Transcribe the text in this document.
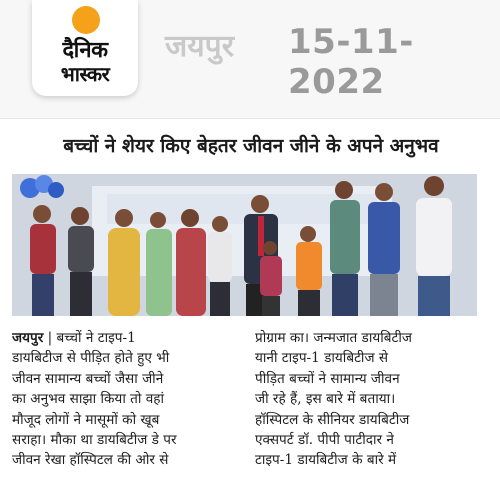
दैनिक
भास्कर
जयपुर 15-11-2022
बच्चों ने शेयर किए बेहतर जीवन जीने के अपने अनुभव
जयपुर | बच्चों ने टाइप-1
डायबिटीज से पीड़ित होते हुए भी
जीवन सामान्य बच्चों जैसा जीने
का अनुभव साझा किया तो वहां
मौजूद लोगों ने मासूमों को खूब
सराहा। मौका था डायबिटीज डे पर
जीवन रेखा हॉस्पिटल की ओर से
प्रोग्राम का। जन्मजात डायबिटीज
यानी टाइप-1 डायबिटीज से
पीड़ित बच्चों ने सामान्य जीवन
जी रहे हैं, इस बारे में बताया।
हॉस्पिटल के सीनियर डायबिटीज
एक्सपर्ट डॉ. पीपी पाटीदार ने
टाइप-1 डायबिटीज के बारे में
